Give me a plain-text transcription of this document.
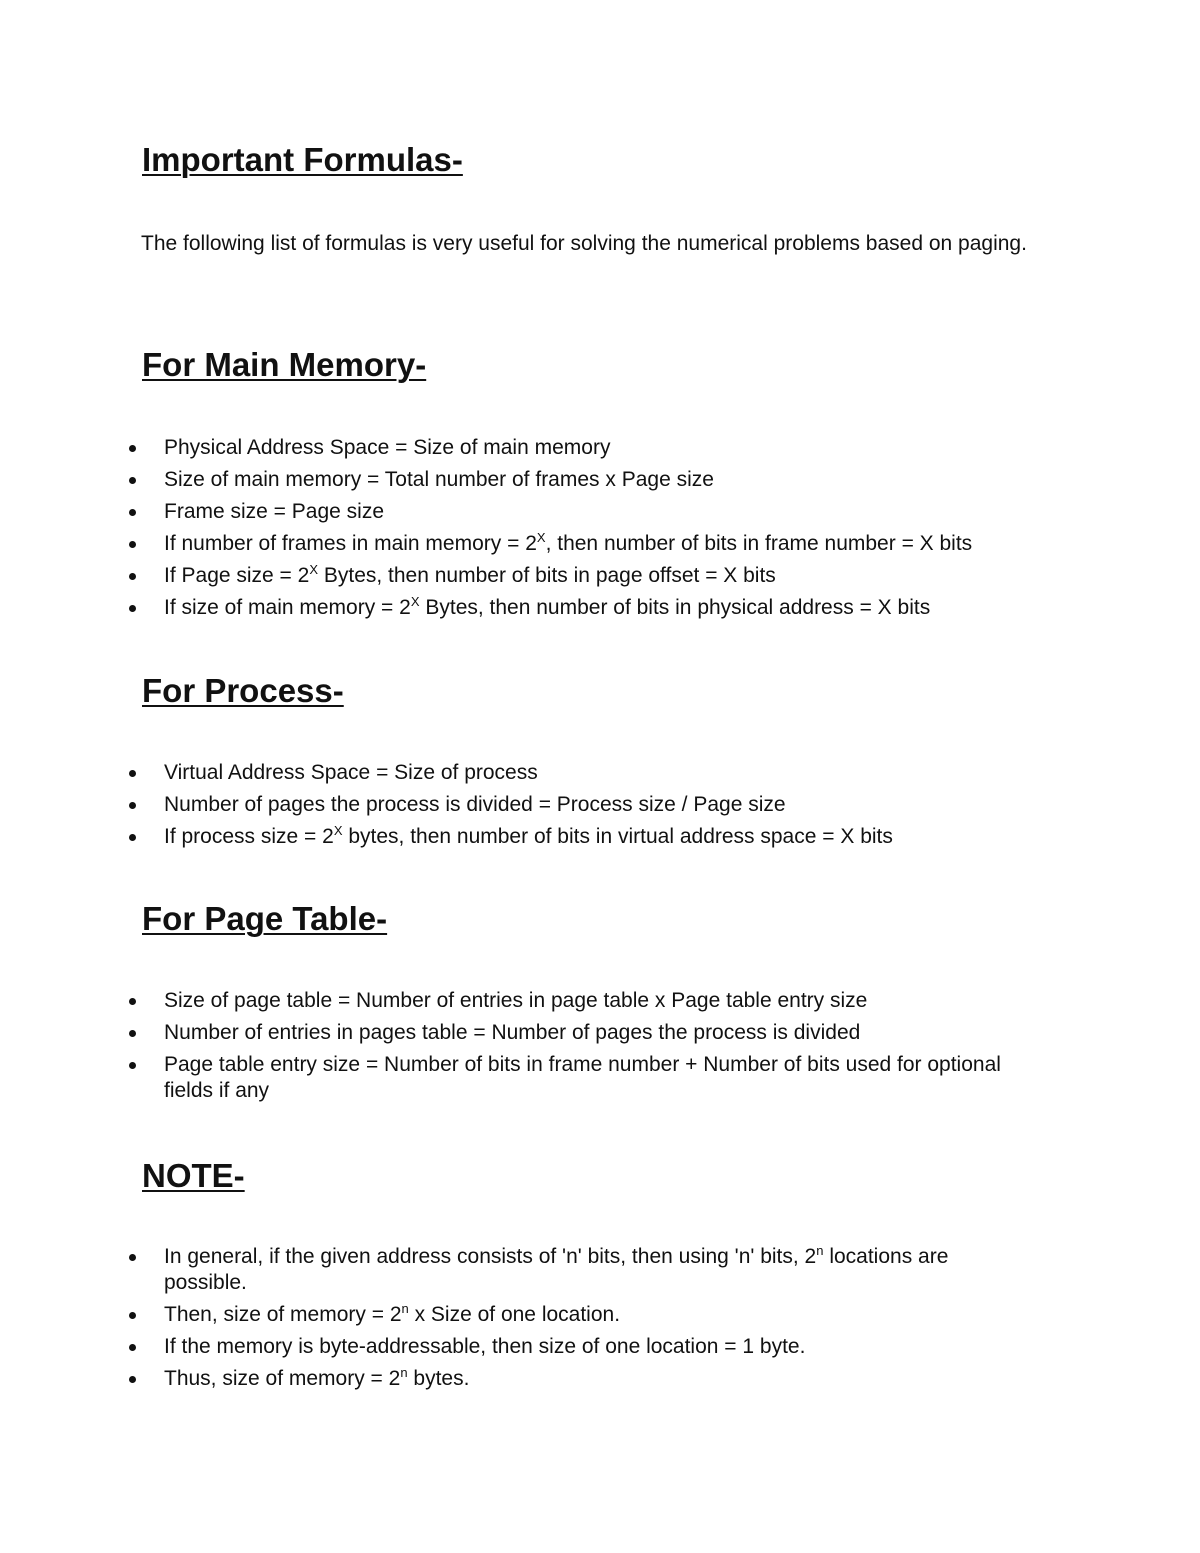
Important Formulas-

The following list of formulas is very useful for solving the numerical problems based on paging.

For Main Memory-
Physical Address Space = Size of main memory
Size of main memory = Total number of frames x Page size
Frame size = Page size
If number of frames in main memory = $2^X$, then number of bits in frame number = X bits
If Page size = $2^X$ Bytes, then number of bits in page offset = X bits
If size of main memory = $2^X$ Bytes, then number of bits in physical address = X bits
For Process-
Virtual Address Space = Size of process
Number of pages the process is divided = Process size / Page size
If process size = $2^X$ bytes, then number of bits in virtual address space = X bits
For Page Table-
Size of page table = Number of entries in page table x Page table entry size
Number of entries in pages table = Number of pages the process is divided
Page table entry size = Number of bits in frame number + Number of bits used for optional fields if any
NOTE-
In general, if the given address consists of 'n' bits, then using 'n' bits, 2$^n$ locations are possible.
Then, size of memory = $2^n$ x Size of one location.
If the memory is byte-addressable, then size of one location = 1 byte.
Thus, size of memory = $2^n$ bytes.
